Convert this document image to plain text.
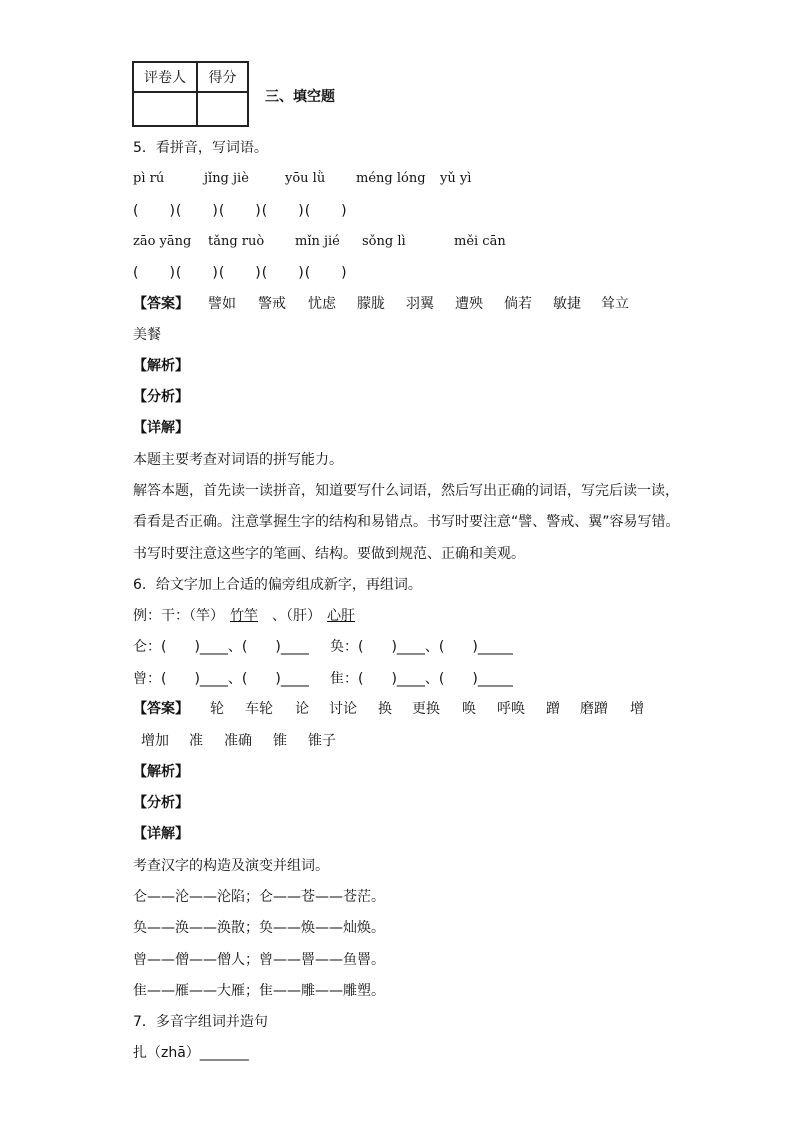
评卷人	得分

三、填空题
5．看拼音，写词语。
pì rú	jǐng jiè	yōu lǜ méng lóng yǔ yì
(　　)(　　)(　　)(　　)(　　)
zāo yāng tǎng ruò mǐn jié sǒng lì	měi cān
(　　)(　　)(　　)(　　)(　　)
【答案】 譬如 警戒 忧虑 朦胧 羽翼 遭殃 倘若 敏捷 耸立
美餐
【解析】
【分析】
【详解】
本题主要考查对词语的拼写能力。
解答本题，首先读一读拼音，知道要写什么词语，然后写出正确的词语，写完后读一读，
看看是否正确。注意掌握生字的结构和易错点。书写时要注意“譬、警戒、翼”容易写错。
书写时要注意这些字的笔画、结构。要做到规范、正确和美观。
6．给文字加上合适的偏旁组成新字，再组词。
例：干：（竿） 竹竿 、（肝） 心肝
仑：(　　)____、(　　)____ 奂：(　　)____、(　　)_____
曾：(　　)____、(　　)____ 隹：(　　)____、(　　)_____
【答案】 轮 车轮 论 讨论 换 更换 唤 呼唤 蹭 磨蹭 增
增加 准 准确 锥 锥子
【解析】
【分析】
【详解】
考查汉字的构造及演变并组词。
仑——沦——沦陷；仑——苍——苍茫。
奂——涣——涣散；奂——焕——灿焕。
曾——僧——僧人；曾——罾——鱼罾。
隹——雁——大雁；隹——雕——雕塑。
7．多音字组词并造句
扎（zhā）_______
